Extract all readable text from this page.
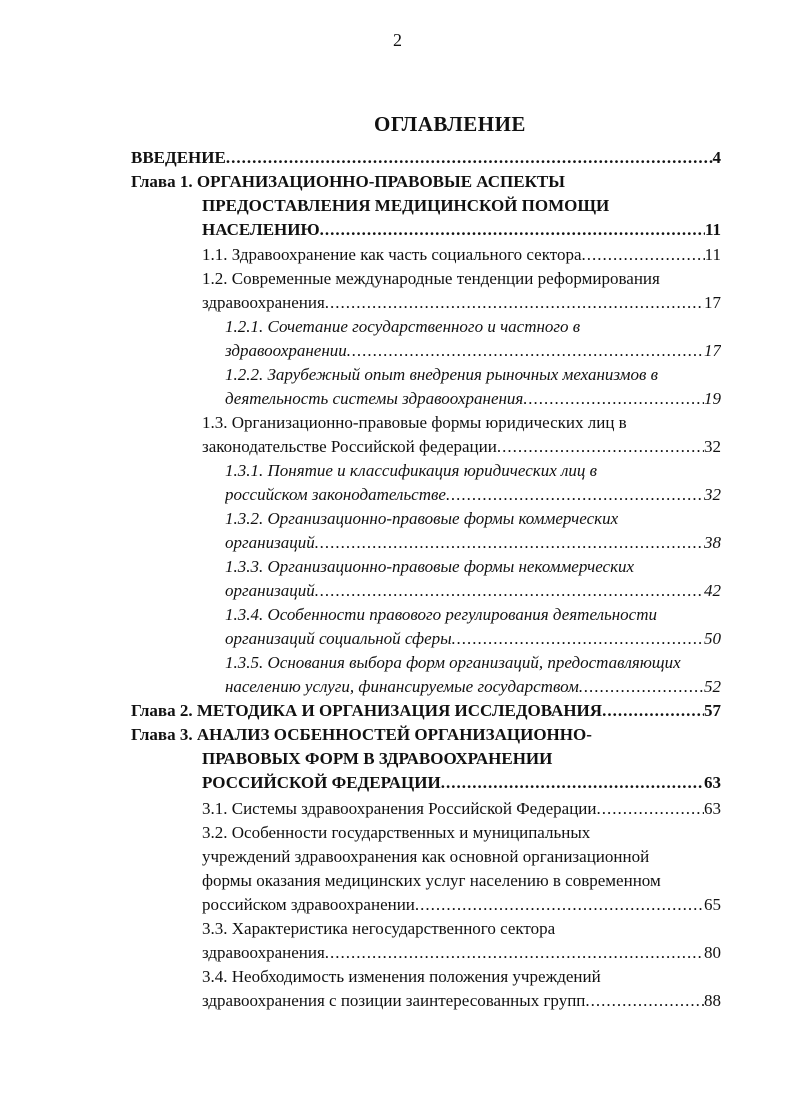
2
ОГЛАВЛЕНИЕ
ВВЕДЕНИЕ .....	4
Глава 1. ОРГАНИЗАЦИОННО-ПРАВОВЫЕ АСПЕКТЫ
ПРЕДОСТАВЛЕНИЯ МЕДИЦИНСКОЙ ПОМОЩИ
НАСЕЛЕНИЮ .....	11
1.1. Здравоохранение как часть социального сектора .....	11
1.2. Современные международные тенденции реформирования
здравоохранения .....	17
1.2.1. Сочетание государственного и частного в
здравоохранении .....	17
1.2.2. Зарубежный опыт внедрения рыночных механизмов в
деятельность системы здравоохранения .....	19
1.3. Организационно-правовые формы юридических лиц в
законодательстве Российской федерации .....	32
1.3.1. Понятие и классификация юридических лиц в
российском законодательстве .....	32
1.3.2. Организационно-правовые формы коммерческих
организаций .....	38
1.3.3. Организационно-правовые формы некоммерческих
организаций .....	42
1.3.4. Особенности правового регулирования деятельности
организаций социальной сферы .....	50
1.3.5. Основания выбора форм организаций, предоставляющих
населению услуги, финансируемые государством .....	52
Глава 2. МЕТОДИКА И ОРГАНИЗАЦИЯ ИССЛЕДОВАНИЯ .....	57
Глава 3. АНАЛИЗ ОСБЕННОСТЕЙ ОРГАНИЗАЦИОННО-
ПРАВОВЫХ ФОРМ В ЗДРАВООХРАНЕНИИ
РОССИЙСКОЙ ФЕДЕРАЦИИ .....	63
3.1. Системы здравоохранения Российской Федерации .....	63
3.2. Особенности государственных и муниципальных
учреждений здравоохранения как основной организационной
формы оказания медицинских услуг населению в современном
российском здравоохранении .....	65
3.3. Характеристика негосударственного сектора
здравоохранения .....	80
3.4. Необходимость изменения положения учреждений
здравоохранения с позиции заинтересованных групп .....	88
